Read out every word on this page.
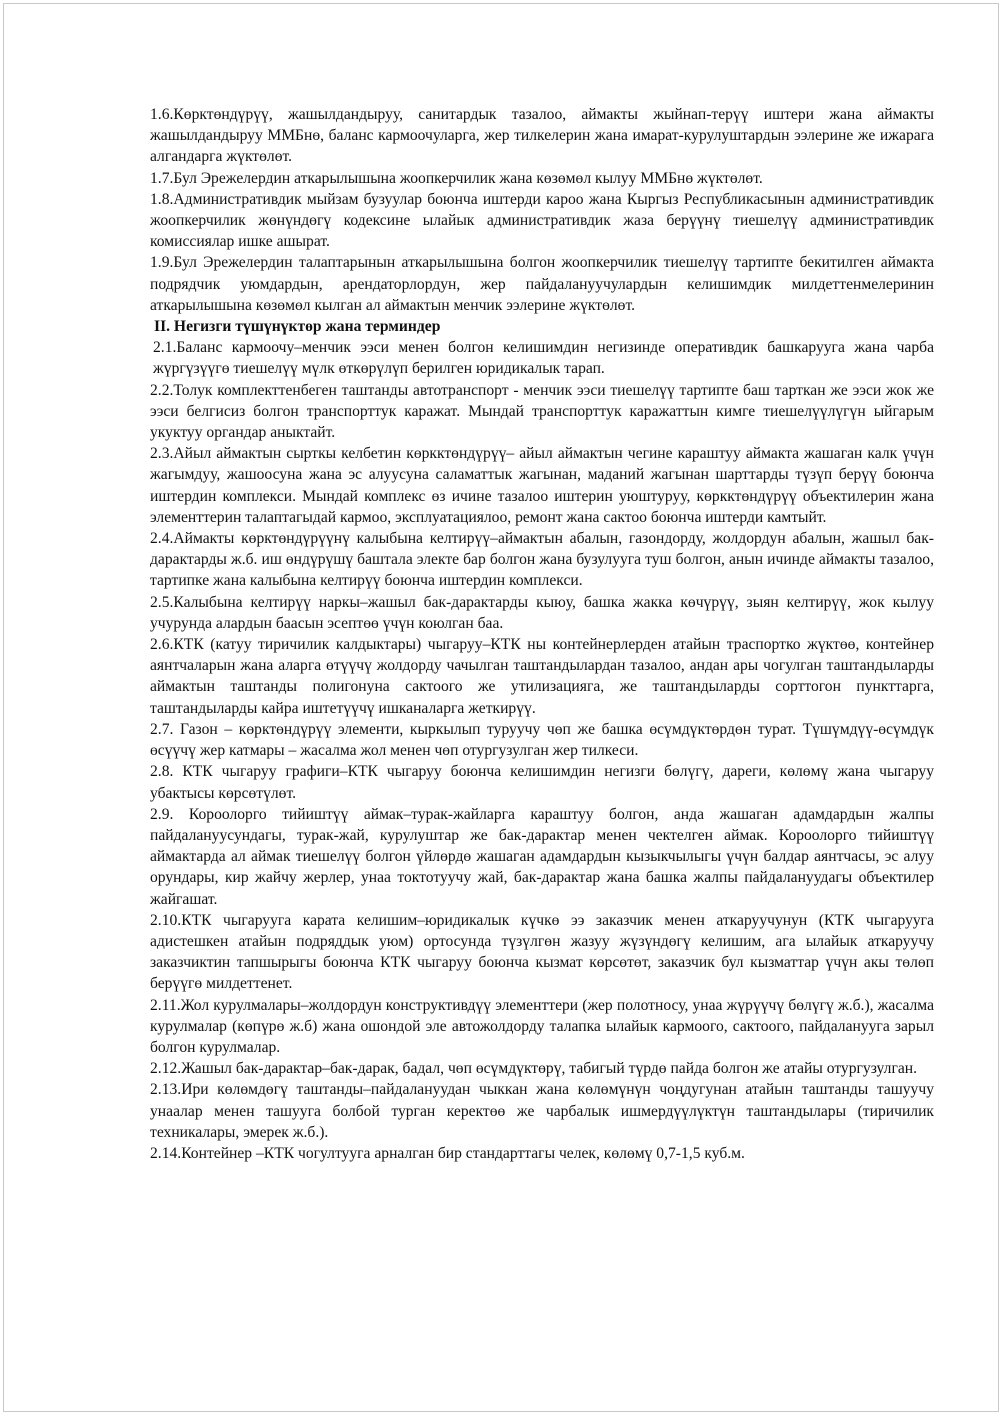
1.6.Көрктөндүрүү, жашылдандыруу, санитардык тазалоо, аймакты жыйнап-терүү иштери жана аймакты жашылдандыруу ММБнө, баланс кармоочуларга, жер тилкелерин жана имарат-курулуштардын ээлерине же ижарага алгандарга жүктөлөт.

1.7.Бул Эрежелердин аткарылышына жоопкерчилик жана көзөмөл кылуу ММБнө жүктөлөт.

1.8.Административдик мыйзам бузуулар боюнча иштерди кароо жана Кыргыз Республикасынын административдик жоопкерчилик жөнүндөгү кодексине ылайык административдик жаза берүүнү тиешелүү административдик комиссиялар ишке ашырат.

1.9.Бул Эрежелердин талаптарынын аткарылышына болгон жоопкерчилик тиешелүү тартипте бекитилген аймакта подрядчик уюмдардын, арендаторлордун, жер пайдалануучулардын келишимдик милдеттенмелеринин аткарылышына көзөмөл кылган ал аймактын менчик ээлерине жүктөлөт.

II. Негизги түшүнүктөр жана терминдер

2.1.Баланс кармоочу–менчик ээси менен болгон келишимдин негизинде оперативдик башкарууга жана чарба жүргүзүүгө тиешелүү мүлк өткөрүлүп берилген юридикалык тарап.

2.2.Толук комплекттенбеген таштанды автотранспорт - менчик ээси тиешелүү тартипте баш тарткан же ээси жок же ээси белгисиз болгон транспорттук каражат. Мындай транспорттук каражаттын кимге тиешелүүлүгүн ыйгарым укуктуу органдар аныктайт.

2.3.Айыл аймактын сырткы келбетин көркктөндүрүү– айыл аймактын чегине караштуу аймакта жашаган калк үчүн жагымдуу, жашоосуна жана эс алуусуна саламаттык жагынан, маданий жагынан шарттарды түзүп берүү боюнча иштердин комплекси. Мындай комплекс өз ичине тазалоо иштерин уюштуруу, көркктөндүрүү объектилерин жана элементтерин талаптагыдай кармоо, эксплуатациялоо, ремонт жана сактоо боюнча иштерди камтыйт.

2.4.Аймакты көрктөндүрүүнү калыбына келтирүү–аймактын абалын, газондорду, жолдордун абалын, жашыл бак-дарактарды ж.б. иш өндүрүшү баштала электе бар болгон жана бузулууга туш болгон, анын ичинде аймакты тазалоо, тартипке жана калыбына келтирүү боюнча иштердин комплекси.

2.5.Калыбына келтирүү наркы–жашыл бак-дарактарды кыюу, башка жакка көчүрүү, зыян келтирүү, жок кылуу учурунда алардын баасын эсептөө үчүн коюлган баа.

2.6.КТК (катуу тиричилик калдыктары) чыгаруу–КТК ны контейнерлерден атайын траспортко жүктөө, контейнер аянтчаларын жана аларга өтүүчү жолдорду чачылган таштандылардан тазалоо, андан ары чогулган таштандыларды аймактын таштанды полигонуна сактоого же утилизацияга, же таштандыларды сорттогон пункттарга, таштандыларды кайра иштетүүчү ишканаларга жеткирүү.

2.7. Газон – көрктөндүрүү элементи, кыркылып туруучу чөп же башка өсүмдүктөрдөн турат. Түшүмдүү-өсүмдүк өсүүчү жер катмары – жасалма жол менен чөп отургузулган жер тилкеси.

2.8. КТК чыгаруу графиги–КТК чыгаруу боюнча келишимдин негизги бөлүгү, дареги, көлөмү жана чыгаруу убактысы көрсөтүлөт.

2.9. Короолорго тийиштүү аймак–турак-жайларга караштуу болгон, анда жашаган адамдардын жалпы пайдалануусундагы, турак-жай, курулуштар же бак-дарактар менен чектелген аймак. Короолорго тийиштүү аймактарда ал аймак тиешелүү болгон үйлөрдө жашаган адамдардын кызыкчылыгы үчүн балдар аянтчасы, эс алуу орундары, кир жайчу жерлер, унаа токтотуучу жай, бак-дарактар жана башка жалпы пайдалануудагы объектилер жайгашат.

2.10.КТК чыгарууга карата келишим–юридикалык күчкө ээ заказчик менен аткаруучунун (КТК чыгарууга адистешкен атайын подряддык уюм) ортосунда түзүлгөн жазуу жүзүндөгү келишим, ага ылайык аткаруучу заказчиктин тапшырыгы боюнча КТК чыгаруу боюнча кызмат көрсөтөт, заказчик бул кызматтар үчүн акы төлөп берүүгө милдеттенет.

2.11.Жол курулмалары–жолдордун конструктивдүү элементтери (жер полотносу, унаа жүрүүчү бөлүгү ж.б.), жасалма курулмалар (көпүрө ж.б) жана ошондой эле автожолдорду талапка ылайык кармоого, сактоого, пайдаланууга зарыл болгон курулмалар.

2.12.Жашыл бак-дарактар–бак-дарак, бадал, чөп өсүмдүктөрү, табигый түрдө пайда болгон же атайы отургузулган.

2.13.Ири көлөмдөгү таштанды–пайдалануудан чыккан жана көлөмүнүн чоңдугунан атайын таштанды ташуучу унаалар менен ташууга болбой турган керектөө же чарбалык ишмердүүлүктүн таштандылары (тиричилик техникалары, эмерек ж.б.).

2.14.Контейнер –КТК чогултууга арналган бир стандарттагы челек, көлөмү 0,7-1,5 куб.м.
